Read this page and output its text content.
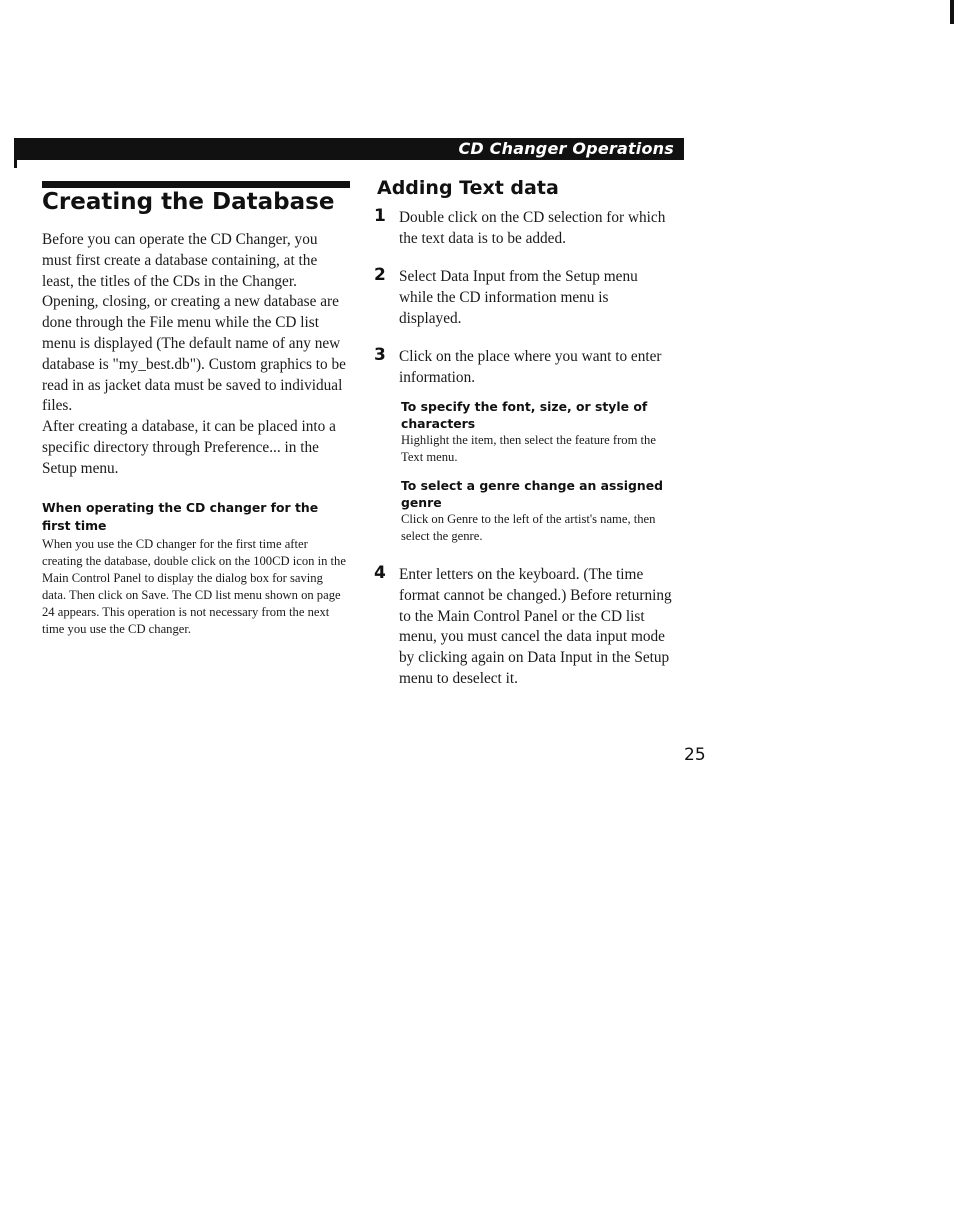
CD Changer Operations
Creating the Database

Before you can operate the CD Changer, you must first create a database containing, at the least, the titles of the CDs in the Changer. Opening, closing, or creating a new database are done through the File menu while the CD list menu is displayed (The default name of any new database is "my_best.db"). Custom graphics to be read in as jacket data must be saved to individual files.

After creating a database, it can be placed into a specific directory through Preference... in the Setup menu.

When operating the CD changer for the first time

When you use the CD changer for the first time after creating the database, double click on the 100CD icon in the Main Control Panel to display the dialog box for saving data. Then click on Save. The CD list menu shown on page 24 appears. This operation is not necessary from the next time you use the CD changer.

Adding Text data
1 Double click on the CD selection for which the text data is to be added.

2 Select Data Input from the Setup menu while the CD information menu is displayed.

3 Click on the place where you want to enter information.

To specify the font, size, or style of characters

Highlight the item, then select the feature from the Text menu.

To select a genre change an assigned genre

Click on Genre to the left of the artist's name, then select the genre.

4 Enter letters on the keyboard. (The time format cannot be changed.) Before returning to the Main Control Panel or the CD list menu, you must cancel the data input mode by clicking again on Data Input in the Setup menu to deselect it.

25
